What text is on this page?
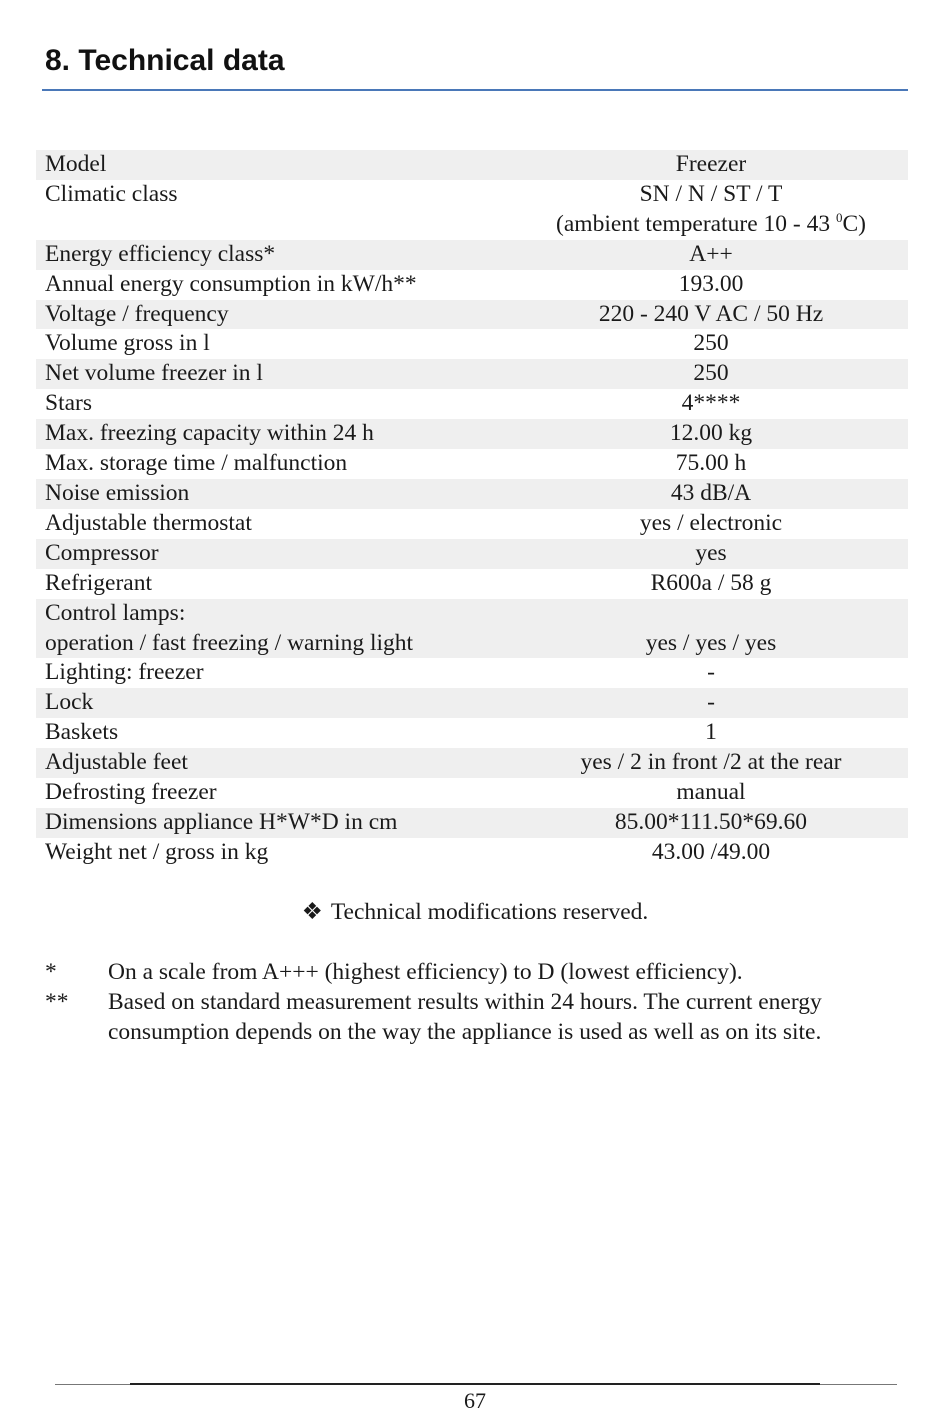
8. Technical data
Model	Freezer
Climatic class	SN / N / ST / T
(ambient temperature 10 - 43 $^0$C)

Energy efficiency class*	A++
Annual energy consumption in kW/h**	193.00
Voltage / frequency	220 - 240 V AC / 50 Hz
Volume gross in l	250
Net volume freezer in l	250
Stars	4****
Max. freezing capacity within 24 h	12.00 kg
Max. storage time / malfunction	75.00 h
Noise emission	43 dB/A
Adjustable thermostat	yes / electronic
Compressor	yes
Refrigerant	R600a / 58 g

Control lamps:
operation / fast freezing / warning light	yes / yes / yes

Lighting: freezer	-
Lock	-
Baskets	1
Adjustable feet	yes / 2 in front /2 at the rear
Defrosting freezer	manual
Dimensions appliance H*W*D in cm	85.00*111.50*69.60
Weight net / gross in kg	43.00 /49.00
❖ Technical modifications reserved.
*	On a scale from A+++ (highest efficiency) to D (lowest efficiency).
**	Based on standard measurement results within 24 hours. The current energy consumption depends on the way the appliance is used as well as on its site.
67
